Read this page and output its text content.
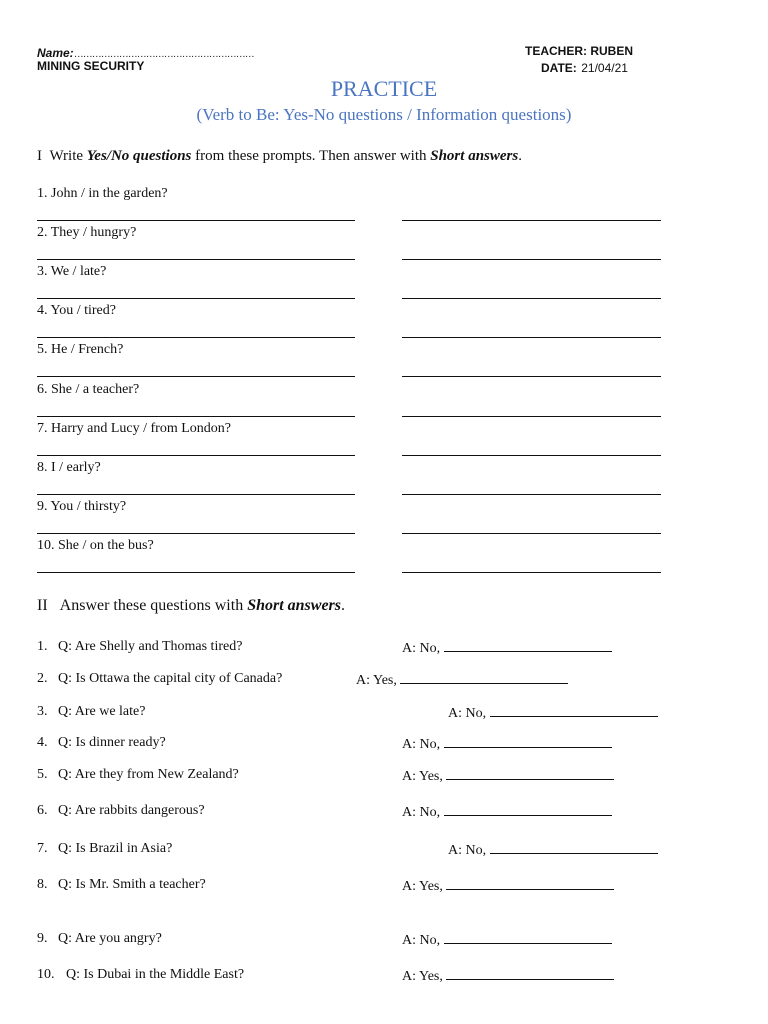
Name:……………………………………………………
MINING SECURITY
TEACHER: RUBEN
DATE: 21/04/21
PRACTICE
(Verb to Be: Yes-No questions / Information questions)
I Write Yes/No questions from these prompts. Then answer with Short answers.
1. John / in the garden?
2. They / hungry?
3. We / late?
4. You / tired?
5. He / French?
6. She / a teacher?
7. Harry and Lucy / from London?
8. I / early?
9. You / thirsty?
10. She / on the bus?
II Answer these questions with Short answers.
1. Q: Are Shelly and Thomas tired?	A: No,
2. Q: Is Ottawa the capital city of Canada?	A: Yes,
3. Q: Are we late?	A: No,
4. Q: Is dinner ready?	A: No,
5. Q: Are they from New Zealand?	A: Yes,
6. Q: Are rabbits dangerous?	A: No,
7. Q: Is Brazil in Asia?	A: No,
8. Q: Is Mr. Smith a teacher?	A: Yes,
9. Q: Are you angry?	A: No,
10. Q: Is Dubai in the Middle East?	A: Yes,
